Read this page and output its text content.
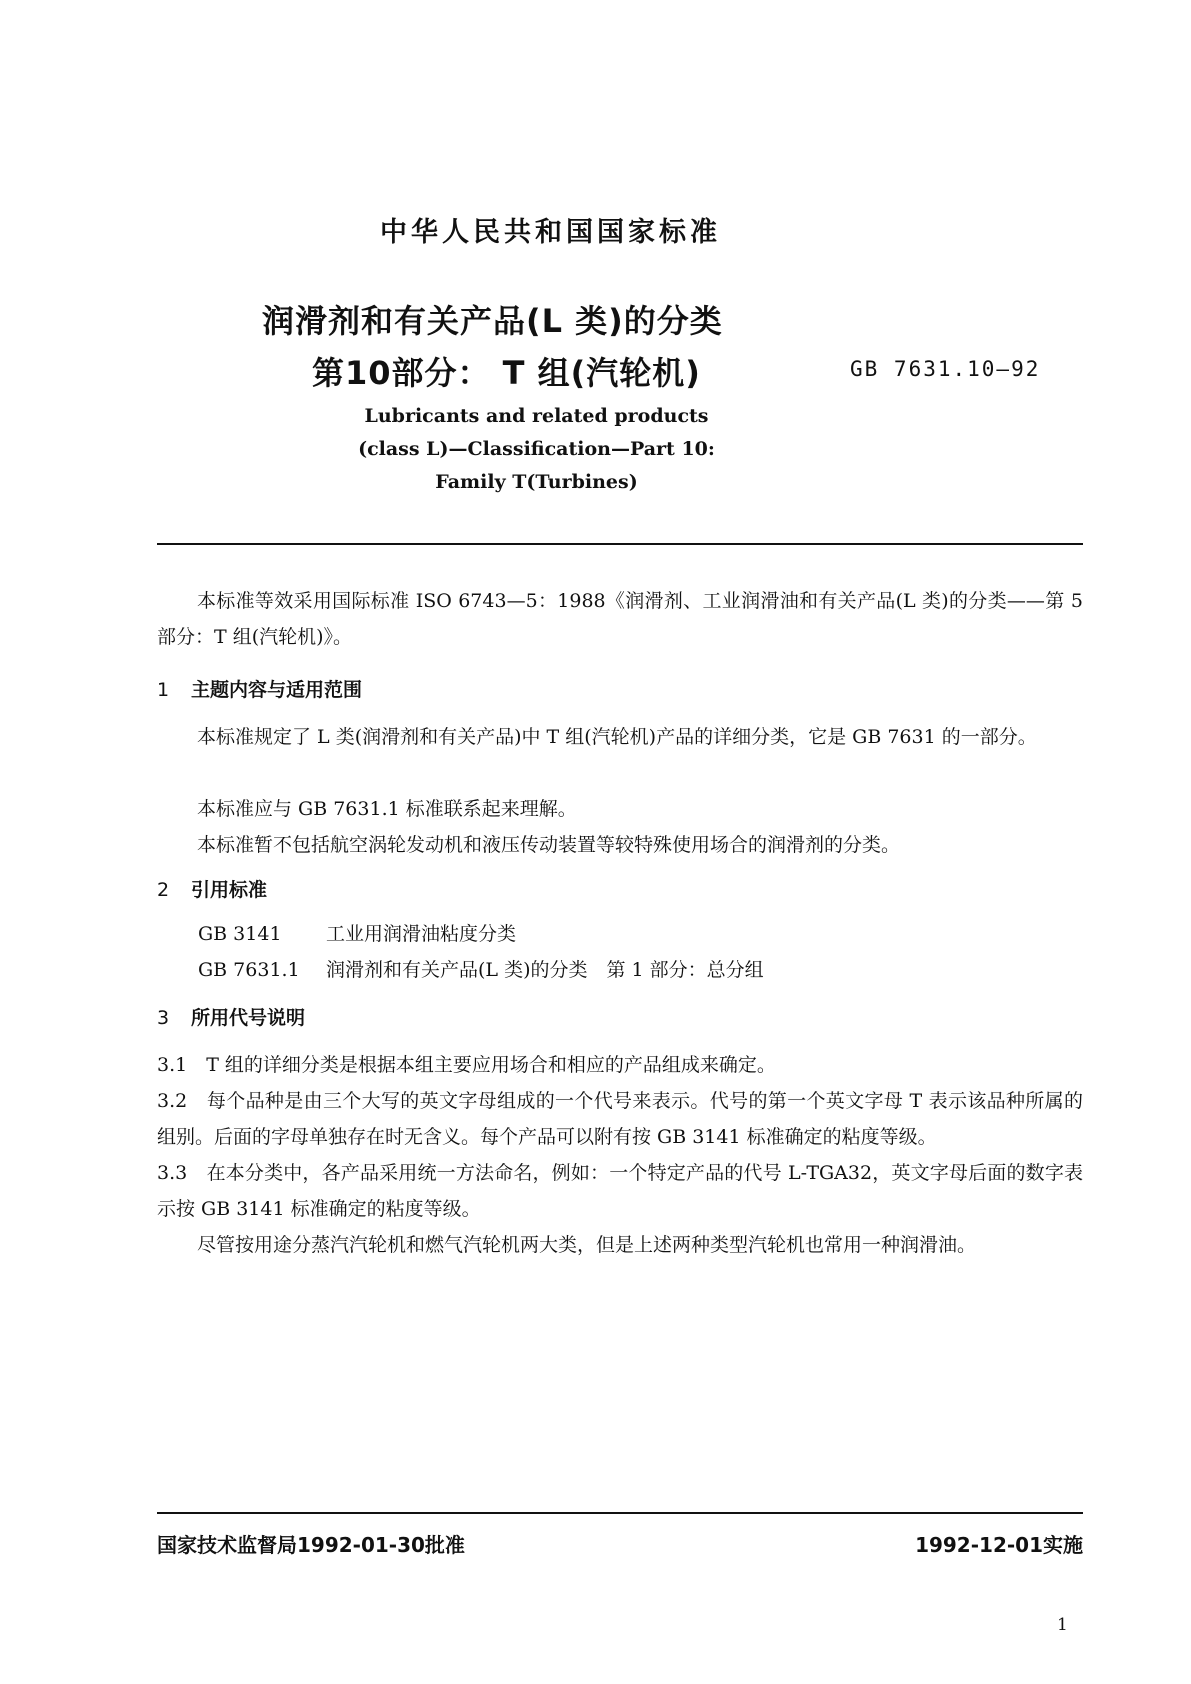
中华人民共和国国家标准
润滑剂和有关产品(L 类)的分类
第10部分： T 组(汽轮机)	GB 7631.10—92
Lubricants and related products
(class L)—Classification—Part 10:
Family T(Turbines)
本标准等效采用国际标准 ISO 6743—5：1988《润滑剂、工业润滑油和有关产品(L 类)的分类——第 5 部分：T 组(汽轮机)》。
1 主题内容与适用范围
本标准规定了 L 类(润滑剂和有关产品)中 T 组(汽轮机)产品的详细分类，它是 GB 7631 的一部分。
本标准应与 GB 7631.1 标准联系起来理解。
本标准暂不包括航空涡轮发动机和液压传动装置等较特殊使用场合的润滑剂的分类。
2 引用标准
GB 3141 工业用润滑油粘度分类
GB 7631.1 润滑剂和有关产品(L 类)的分类　第 1 部分：总分组
3 所用代号说明
3.1　T 组的详细分类是根据本组主要应用场合和相应的产品组成来确定。
3.2　每个品种是由三个大写的英文字母组成的一个代号来表示。代号的第一个英文字母 T 表示该品种所属的组别。后面的字母单独存在时无含义。每个产品可以附有按 GB 3141 标准确定的粘度等级。
3.3　在本分类中，各产品采用统一方法命名，例如：一个特定产品的代号 L-TGA32，英文字母后面的数字表示按 GB 3141 标准确定的粘度等级。
尽管按用途分蒸汽汽轮机和燃气汽轮机两大类，但是上述两种类型汽轮机也常用一种润滑油。
国家技术监督局1992-01-30批准	1992-12-01实施
1
